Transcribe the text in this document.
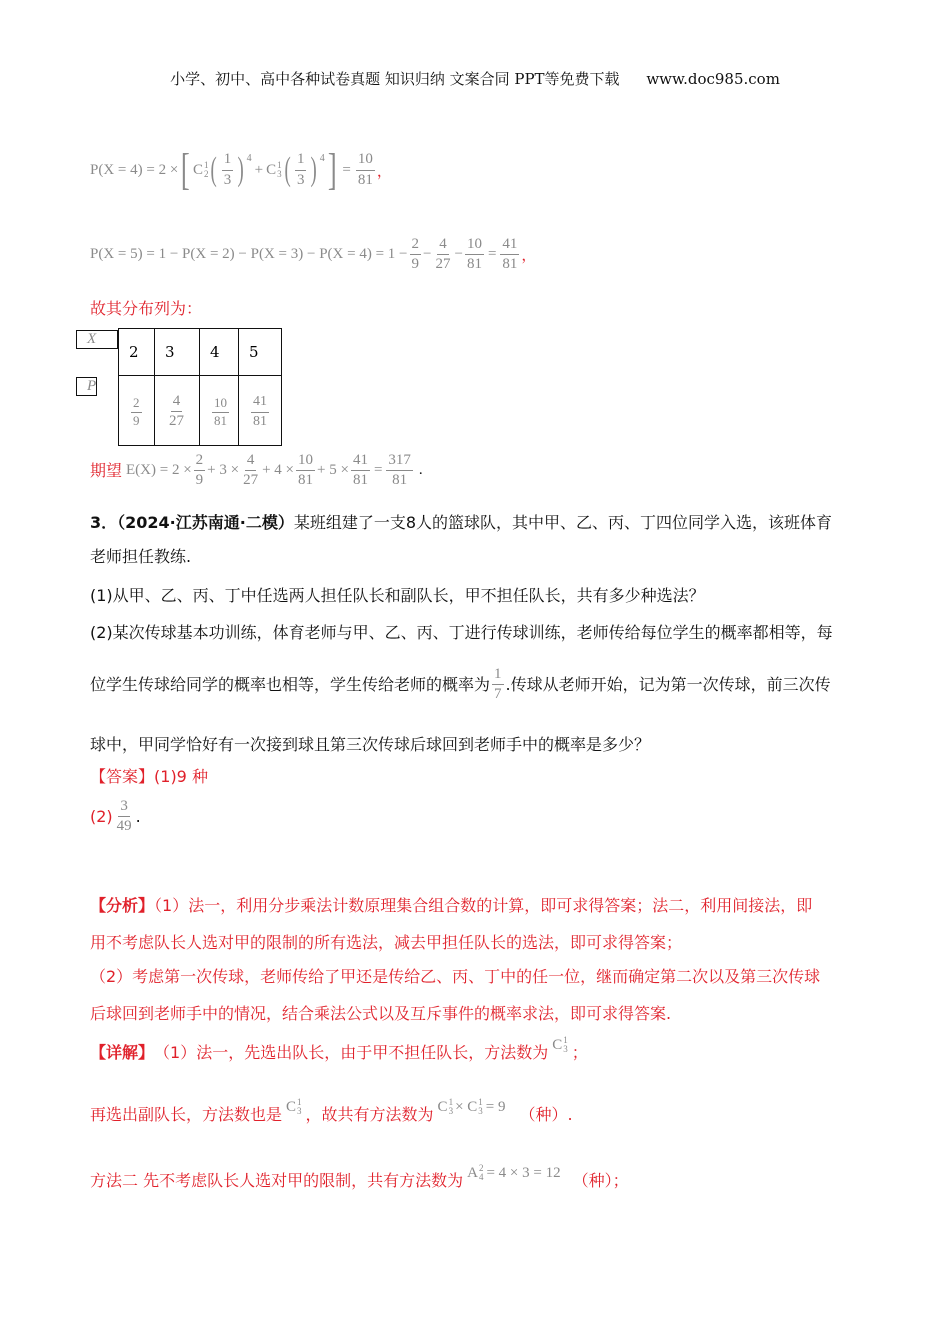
小学、初中、高中各种试卷真题 知识归纳 文案合同 PPT等免费下载 www.doc985.com
P(X = 4) = 2 × [ C 1
2 ( $\frac{1}{3}$ ) 4
+ C 1
3 ( $\frac{1}{3}$ ) 4 ] = $\frac{10}{81}$ ，
$P(X = 5) = 1 - P(X = 2) - P(X = 3) - P(X = 4) = 1 - \frac{2}{9} - \frac{4}{27} - \frac{10}{81} = \frac{41}{81}$ ，
故其分布列为：
X
2	3	4	5

P
$\frac{2}{9}$	$\frac{4}{27}$	$\frac{10}{81}$	$\frac{41}{81}$
期望 $E(X) = 2 \times \frac{2}{9} + 3 \times \frac{4}{27} + 4 \times \frac{10}{81} + 5 \times \frac{41}{81} = \frac{317}{81}$ .
3．（2024·江苏南通·二模）某班组建了一支8人的篮球队，其中甲、乙、丙、丁四位同学入选，该班体育
老师担任教练.
(1)从甲、乙、丙、丁中任选两人担任队长和副队长，甲不担任队长，共有多少种选法？
(2)某次传球基本功训练，体育老师与甲、乙、丙、丁进行传球训练，老师传给每位学生的概率都相等，每
位学生传球给同学的概率也相等，学生传给老师的概率为 $\frac{1}{7}$ .传球从老师开始，记为第一次传球，前三次传
球中，甲同学恰好有一次接到球且第三次传球后球回到老师手中的概率是多少？
【答案】(1)9 种
$(2) \frac{3}{49}$ .
【分析】（1）法一，利用分步乘法计数原理集合组合数的计算，即可求得答案；法二，利用间接法，即
用不考虑队长人选对甲的限制的所有选法，减去甲担任队长的选法，即可求得答案；
（2）考虑第一次传球，老师传给了甲还是传给乙、丙、丁中的任一位，继而确定第二次以及第三次传球
后球回到老师手中的情况，结合乘法公式以及互斥事件的概率求法，即可求得答案.
【详解】 （1）法一，先选出队长，由于甲不担任队长，方法数为 C 1
3 ；
再选出副队长，方法数也是 C 1
3 ，故共有方法数为 C 1
3 × C 1
3 = 9 （种）.
方法二 先不考虑队长人选对甲的限制，共有方法数为 A 2
4 = 4 × 3 = 12 （种）；
